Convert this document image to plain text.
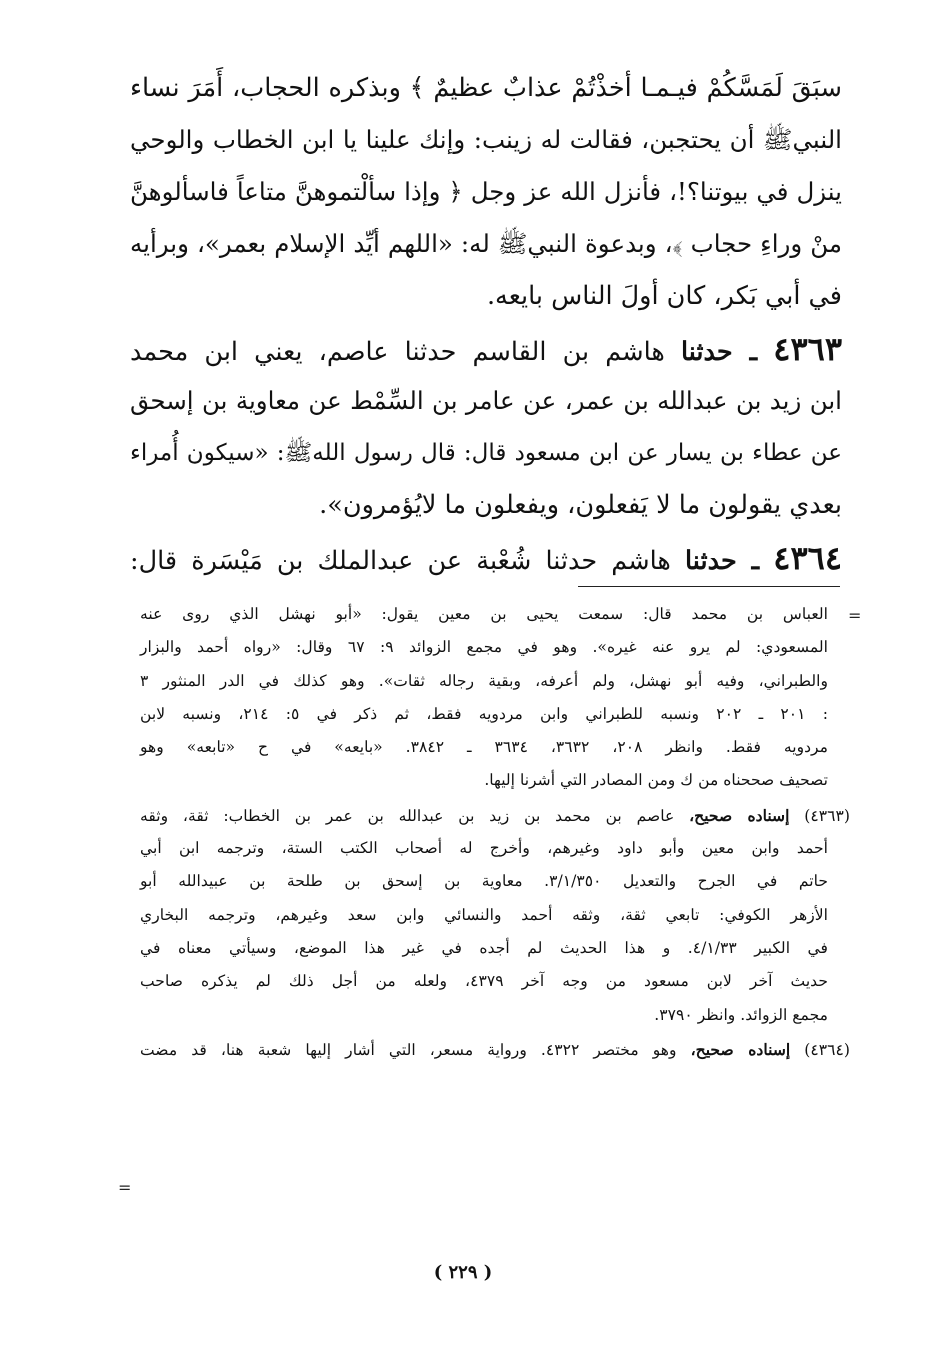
سبَقَ لَمَسَّكُمْ فيـمـا أخذْتُمْ عذابٌ عظيمٌ ﴾ وبذكره الحجاب، أَمَرَ نساء
النبيﷺ أن يحتجبن، فقالت له زينب: وإنك علينا يا ابن الخطاب والوحي
ينزل في بيوتنا؟!، فأنزل الله عز وجل ﴿ وإذا سألْتموهنَّ متاعاً فاسألوهنَّ
منْ وراءِ حجاب ﴾، وبدعوة النبيﷺ له: «اللهم أيِّد الإسلام بعمر»، وبرأيه
في أبي بَكر، كان أولَ الناس بايعه.
٤٣٦٣ ـ حدثنا هاشم بن القاسم حدثنا عاصم، يعني ابن محمد
ابن زيد بن عبدالله بن عمر، عن عامر بن السِّمْط عن معاوية بن إسحق
عن عطاء بن يسار عن ابن مسعود قال: قال رسول اللهﷺ: «سيكون أُمراء
بعدي يقولون ما لا يَفعلون، ويفعلون ما لايُؤمرون».
٤٣٦٤ ـ حدثنا هاشم حدثنا شُعْبة عن عبدالملك بن مَيْسَرة قال:
=
العباس بن محمد قال: سمعت يحيى بن معين يقول: «أبو نهشل الذي روى عنه
المسعودي: لم يرو عنه غيره». وهو في مجمع الزوائد ٩: ٦٧ وقال: «رواه أحمد والبزار
والطبراني، وفيه أبو نهشل، ولم أعرفه، وبقية رجاله ثقات». وهو كذلك في الدر المنثور ٣
: ٢٠١ ـ ٢٠٢ ونسبه للطبراني وابن مردويه فقط، ثم ذكر في ٥: ٢١٤، ونسبه لابن
مردويه فقط. وانظر ٢٠٨، ٣٦٣٢، ٣٦٣٤ ـ ٣٨٤٢. «بايعه» في ح «تابعه» وهو
تصحيف صححناه من ك ومن المصادر التي أشرنا إليها.
(٤٣٦٣) إسناده صحيح، عاصم بن محمد بن زيد بن عبدالله بن عمر بن الخطاب: ثقة، وثقه
أحمد وابن معين وأبو داود وغيرهم، وأخرج له أصحاب الكتب الستة، وترجمه ابن أبي
حاتم في الجرح والتعديل ٣/١/٣٥٠. معاوية بن إسحق بن طلحة بن عبيدالله أبو
الأزهر الكوفي: تابعي ثقة، وثقه أحمد والنسائي وابن سعد وغيرهم، وترجمه البخاري
في الكبير ٤/١/٣٣. و هذا الحديث لم أجده في غير هذا الموضع، وسيأتي معناه في
حديث آخر لابن مسعود من وجه آخر ٤٣٧٩، ولعله من أجل ذلك لم يذكره صاحب
مجمع الزوائد. وانظر ٣٧٩٠.
(٤٣٦٤) إسناده صحيح، وهو مختصر ٤٣٢٢. ورواية مسعر، التي أشار إليها شعبة هنا، قد مضت
=
( ٢٢٩ )
